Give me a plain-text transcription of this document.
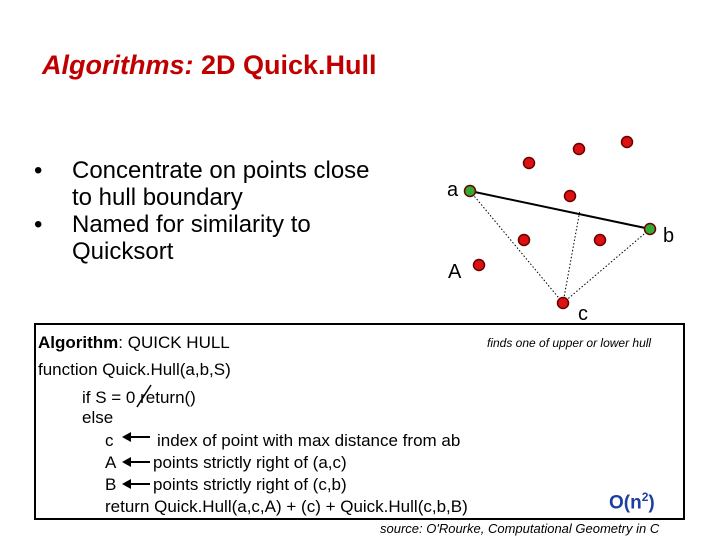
Algorithms: 2D Quick.Hull
• Concentrate on points close
to hull boundary
• Named for similarity to
Quicksort
a
b
A
c
Algorithm: QUICK HULL	finds one of upper or lower hull
function Quick.Hull(a,b,S)
if S = 0 return()
else
c	index of point with max distance from ab
A points strictly right of (a,c)
B points strictly right of (c,b)
return Quick.Hull(a,c,A) + (c) + Quick.Hull(c,b,B)	$O(n^2)$
source: O'Rourke, Computational Geometry in C
